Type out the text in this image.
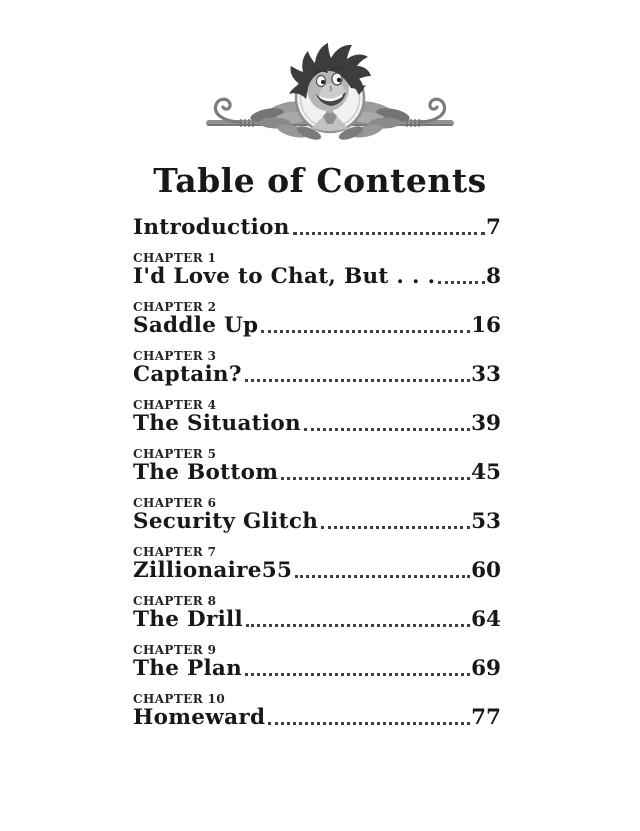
Table of Contents
Introduction	7
CHAPTER 1
I'd Love to Chat, But . . . 8
CHAPTER 2
Saddle Up	16
CHAPTER 3
Captain?	33
CHAPTER 4
The Situation	39
CHAPTER 5
The Bottom	45
CHAPTER 6
Security Glitch	53
CHAPTER 7
Zillionaire55	60
CHAPTER 8
The Drill	64
CHAPTER 9
The Plan	69
CHAPTER 10
Homeward	77
